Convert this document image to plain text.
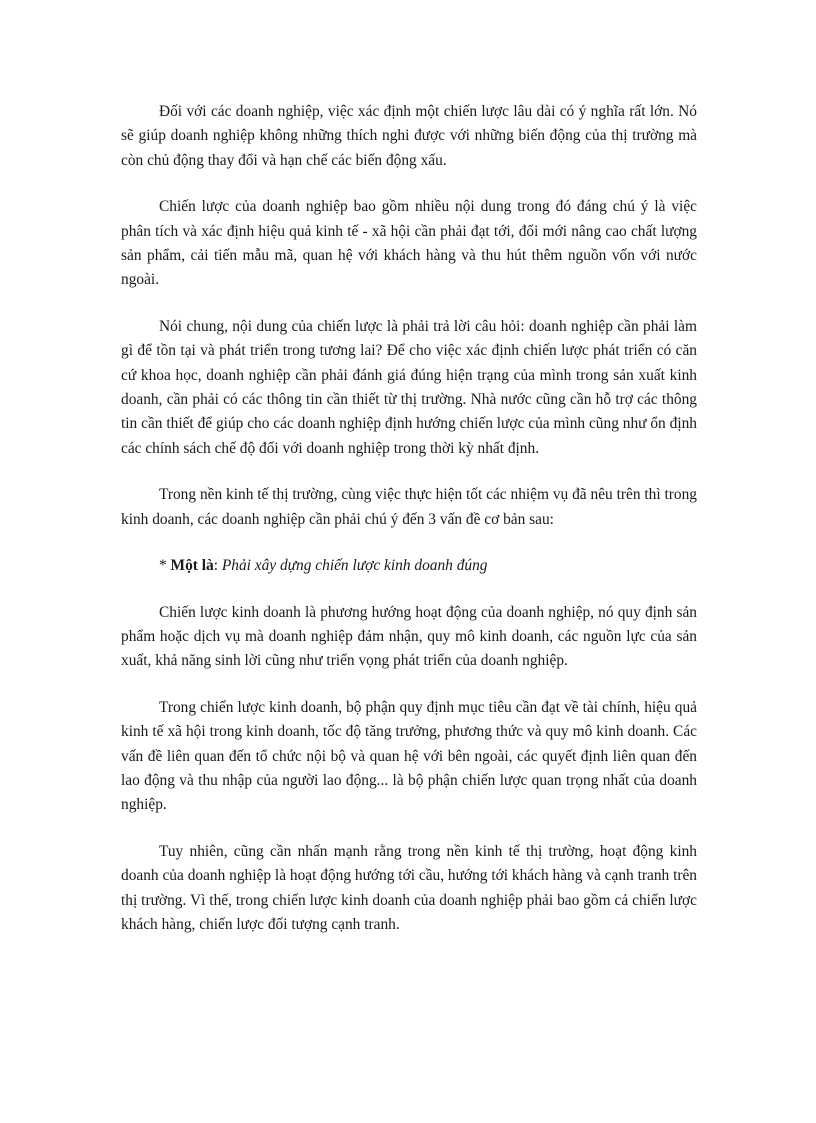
Đối với các doanh nghiệp, việc xác định một chiến lược lâu dài có ý nghĩa rất lớn. Nó sẽ giúp doanh nghiệp không những thích nghi được với những biến động của thị trường mà còn chủ động thay đổi và hạn chế các biến động xấu.

Chiến lược của doanh nghiệp bao gồm nhiều nội dung trong đó đáng chú ý là việc phân tích và xác định hiệu quả kinh tế - xã hội cần phải đạt tới, đổi mới nâng cao chất lượng sản phẩm, cải tiến mẫu mã, quan hệ với khách hàng và thu hút thêm nguồn vốn với nước ngoài.

Nói chung, nội dung của chiến lược là phải trả lời câu hỏi: doanh nghiệp cần phải làm gì để tồn tại và phát triển trong tương lai? Để cho việc xác định chiến lược phát triển có căn cứ khoa học, doanh nghiệp cần phải đánh giá đúng hiện trạng của mình trong sản xuất kinh doanh, cần phải có các thông tin cần thiết từ thị trường. Nhà nước cũng cần hỗ trợ các thông tin cần thiết để giúp cho các doanh nghiệp định hướng chiến lược của mình cũng như ổn định các chính sách chế độ đối với doanh nghiệp trong thời kỳ nhất định.

Trong nền kinh tế thị trường, cùng việc thực hiện tốt các nhiệm vụ đã nêu trên thì trong kinh doanh, các doanh nghiệp cần phải chú ý đến 3 vấn đề cơ bản sau:

* Một là: Phải xây dựng chiến lược kinh doanh đúng

Chiến lược kinh doanh là phương hướng hoạt động của doanh nghiệp, nó quy định sản phẩm hoặc dịch vụ mà doanh nghiệp đảm nhận, quy mô kinh doanh, các nguồn lực của sản xuất, khả năng sinh lời cũng như triển vọng phát triển của doanh nghiệp.

Trong chiến lược kinh doanh, bộ phận quy định mục tiêu cần đạt về tài chính, hiệu quả kinh tế xã hội trong kinh doanh, tốc độ tăng trưởng, phương thức và quy mô kinh doanh. Các vấn đề liên quan đến tổ chức nội bộ và quan hệ với bên ngoài, các quyết định liên quan đến lao động và thu nhập của người lao động... là bộ phận chiến lược quan trọng nhất của doanh nghiệp.

Tuy nhiên, cũng cần nhấn mạnh rằng trong nền kinh tế thị trường, hoạt động kinh doanh của doanh nghiệp là hoạt động hướng tới cầu, hướng tới khách hàng và cạnh tranh trên thị trường. Vì thế, trong chiến lược kinh doanh của doanh nghiệp phải bao gồm cả chiến lược khách hàng, chiến lược đối tượng cạnh tranh.
